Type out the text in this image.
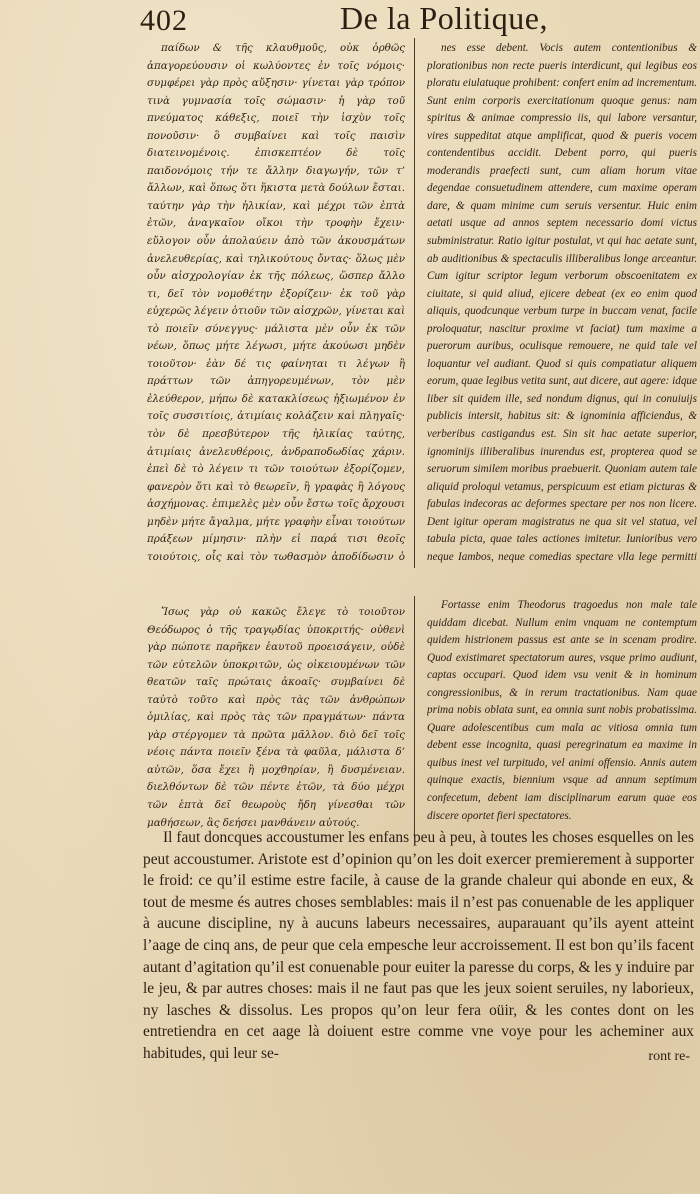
402	De la Politique,

παίδων & τῆς κλαυθμοῦς, οὐκ ὀρθῶς ἀπαγορεύουσιν οἱ κωλύοντες ἐν τοῖς νόμοις· συμφέρει γὰρ πρὸς αὔξησιν· γίνεται γὰρ τρόπον τινὰ γυμνασία τοῖς σώμασιν· ἡ γὰρ τοῦ πνεύματος κάθεξις, ποιεῖ τὴν ἰσχὺν τοῖς πονοῦσιν· ὃ συμβαίνει καὶ τοῖς παισὶν διατεινομένοις. ἐπισκεπτέον δὲ τοῖς παιδονόμοις τήν τε ἄλλην διαγωγήν, τῶν τ’ ἄλλων, καὶ ὅπως ὅτι ἥκιστα μετὰ δούλων ἔσται. ταύτην γὰρ τὴν ἡλικίαν, καὶ μέχρι τῶν ἑπτὰ ἐτῶν, ἀναγκαῖον οἴκοι τὴν τροφὴν ἔχειν· εὔλογον οὖν ἀπολαύειν ἀπὸ τῶν ἀκουσμάτων ἀνελευθερίας, καὶ τηλικούτους ὄντας· ὅλως μὲν οὖν αἰσχρολογίαν ἐκ τῆς πόλεως, ὥσπερ ἄλλο τι, δεῖ τὸν νομοθέτην ἐξορίζειν· ἐκ τοῦ γὰρ εὐχερῶς λέγειν ὁτιοῦν τῶν αἰσχρῶν, γίνεται καὶ τὸ ποιεῖν σύνεγγυς· μάλιστα μὲν οὖν ἐκ τῶν νέων, ὅπως μήτε λέγωσι, μήτε ἀκούωσι μηδὲν τοιοῦτον· ἐὰν δέ τις φαίνηται τι λέγων ἢ πράττων τῶν ἀπηγορευμένων, τὸν μὲν ἐλεύθερον, μήπω δὲ κατακλίσεως ἠξιωμένον ἐν τοῖς συσσιτίοις, ἀτιμίαις κολάζειν καὶ πληγαῖς· τὸν δὲ πρεσβύτερον τῆς ἡλικίας ταύτης, ἀτιμίαις ἀνελευθέροις, ἀνδραποδωδίας χάριν. ἐπεὶ δὲ τὸ λέγειν τι τῶν τοιούτων ἐξορίζομεν, φανερὸν ὅτι καὶ τὸ θεωρεῖν, ἢ γραφὰς ἢ λόγους ἀσχήμονας. ἐπιμελὲς μὲν οὖν ἔστω τοῖς ἄρχουσι μηδὲν μήτε ἄγαλμα, μήτε γραφὴν εἶναι τοιούτων πράξεων μίμησιν· πλὴν εἰ παρά τισι θεοῖς τοιούτοις, οἷς καὶ τὸν τωθασμὸν ἀποδίδωσιν ὁ

nes esse debent. Vocis autem contentionibus & plorationibus non recte pueris interdicunt, qui legibus eos ploratu eiulatuque prohibent: confert enim ad incrementum. Sunt enim corporis exercitationum quoque genus: nam spiritus & animae compressio iis, qui labore versantur, vires suppeditat atque amplificat, quod & pueris vocem contendentibus accidit. Debent porro, qui pueris moderandis praefecti sunt, cum aliam horum vitae degendae consuetudinem attendere, cum maxime operam dare, & quam minime cum seruis versentur. Huic enim aetati usque ad annos septem necessario domi victus subministratur. Ratio igitur postulat, vt qui hac aetate sunt, ab auditionibus & spectaculis illiberalibus longe arceantur. Cum igitur scriptor legum verborum obscoenitatem ex ciuitate, si quid aliud, ejicere debeat (ex eo enim quod aliquis, quodcunque verbum turpe in buccam venat, facile proloquatur, nascitur proxime vt faciat) tum maxime a puerorum auribus, oculisque remouere, ne quid tale vel loquantur vel audiant. Quod si quis compatiatur aliquem eorum, quae legibus vetita sunt, aut dicere, aut agere: idque liber sit quidem ille, sed nondum dignus, qui in conuiuijs publicis intersit, habitus sit: & ignominia afficiendus, & verberibus castigandus est. Sin sit hac aetate superior, ignominijs illiberalibus inurendus est, propterea quod se seruorum similem moribus praebuerit. Quoniam autem tale aliquid proloqui vetamus, perspicuum est etiam picturas & fabulas indecoras ac deformes spectare per nos non licere. Dent igitur operam magistratus ne qua sit vel statua, vel tabula picta, quae tales actiones imitetur. Iunioribus vero neque Iambos, neque comedias spectare vlla lege permitti

Ἴσως γὰρ οὐ κακῶς ἔλεγε τὸ τοιοῦτον Θεόδωρος ὁ τῆς τραγῳδίας ὑποκριτής· οὐθενὶ γὰρ πώποτε παρῆκεν ἑαυτοῦ προεισάγειν, οὐδὲ τῶν εὐτελῶν ὑποκριτῶν, ὡς οἰκειουμένων τῶν θεατῶν ταῖς πρώταις ἀκοαῖς· συμβαίνει δὲ ταὐτὸ τοῦτο καὶ πρὸς τὰς τῶν ἀνθρώπων ὁμιλίας, καὶ πρὸς τὰς τῶν πραγμάτων· πάντα γὰρ στέργομεν τὰ πρῶτα μᾶλλον. διὸ δεῖ τοῖς νέοις πάντα ποιεῖν ξένα τὰ φαῦλα, μάλιστα δ’ αὐτῶν, ὅσα ἔχει ἢ μοχθηρίαν, ἢ δυσμένειαν. διελθόντων δὲ τῶν πέντε ἐτῶν, τὰ δύο μέχρι τῶν ἑπτὰ δεῖ θεωροὺς ἤδη γίνεσθαι τῶν μαθήσεων, ἃς δεήσει μανθάνειν αὐτούς.

Fortasse enim Theodorus tragoedus non male tale quiddam dicebat. Nullum enim vnquam ne contemptum quidem histrionem passus est ante se in scenam prodire. Quod existimaret spectatorum aures, vsque primo audiunt, captas occupari. Quod idem vsu venit & in hominum congressionibus, & in rerum tractationibus. Nam quae prima nobis oblata sunt, ea omnia sunt nobis probatissima. Quare adolescentibus cum mala ac vitiosa omnia tum debent esse incognita, quasi peregrinatum ea maxime in quibus inest vel turpitudo, vel animi offensio. Annis autem quinque exactis, biennium vsque ad annum septimum confecetum, debent iam disciplinarum earum quae eos discere oportet fieri spectatores.

Il faut doncques accoustumer les enfans peu à peu, à toutes les choses esquelles on les peut accoustumer. Aristote est d’opinion qu’on les doit exercer premierement à supporter le froid: ce qu’il estime estre facile, à cause de la grande chaleur qui abonde en eux, & tout de mesme és autres choses semblables: mais il n’est pas conuenable de les appliquer à aucune discipline, ny à aucuns labeurs necessaires, auparauant qu’ils ayent atteint l’aage de cinq ans, de peur que cela empesche leur accroissement. Il est bon qu’ils facent autant d’agitation qu’il est conuenable pour euiter la paresse du corps, & les y induire par le jeu, & par autres choses: mais il ne faut pas que les jeux soient seruiles, ny laborieux, ny lasches & dissolus. Les propos qu’on leur fera oüir, & les contes dont on les entretiendra en cet aage là doiuent estre comme vne voye pour les acheminer aux habitudes, qui leur se-	ront re-
